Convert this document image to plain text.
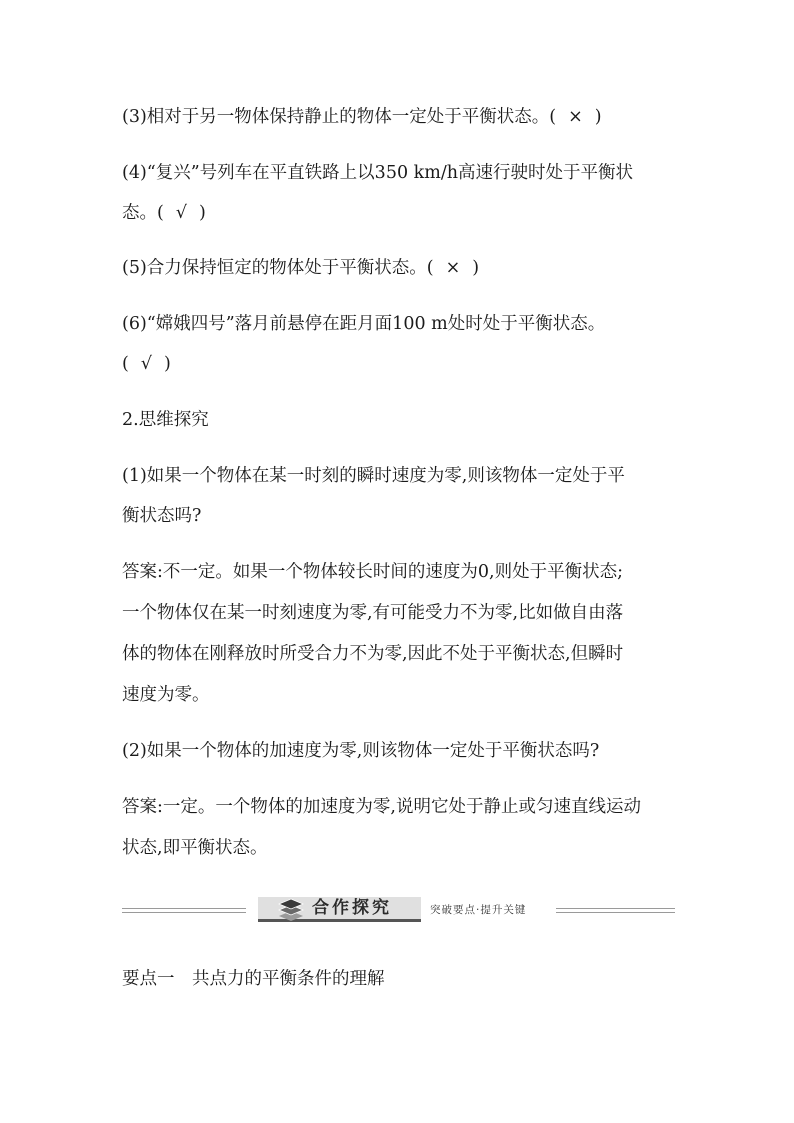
(3)相对于另一物体保持静止的物体一定处于平衡状态。( × )

(4)“复兴”号列车在平直铁路上以350 km/h高速行驶时处于平衡状

态。( √ )

(5)合力保持恒定的物体处于平衡状态。( × )

(6)“嫦娥四号”落月前悬停在距月面100 m处时处于平衡状态。

( √ )

2.思维探究

(1)如果一个物体在某一时刻的瞬时速度为零,则该物体一定处于平

衡状态吗?

答案:不一定。如果一个物体较长时间的速度为0,则处于平衡状态;

一个物体仅在某一时刻速度为零,有可能受力不为零,比如做自由落

体的物体在刚释放时所受合力不为零,因此不处于平衡状态,但瞬时

速度为零。

(2)如果一个物体的加速度为零,则该物体一定处于平衡状态吗?

答案:一定。一个物体的加速度为零,说明它处于静止或匀速直线运动

状态,即平衡状态。

合作探究	突破要点·提升关键

要点一　共点力的平衡条件的理解
